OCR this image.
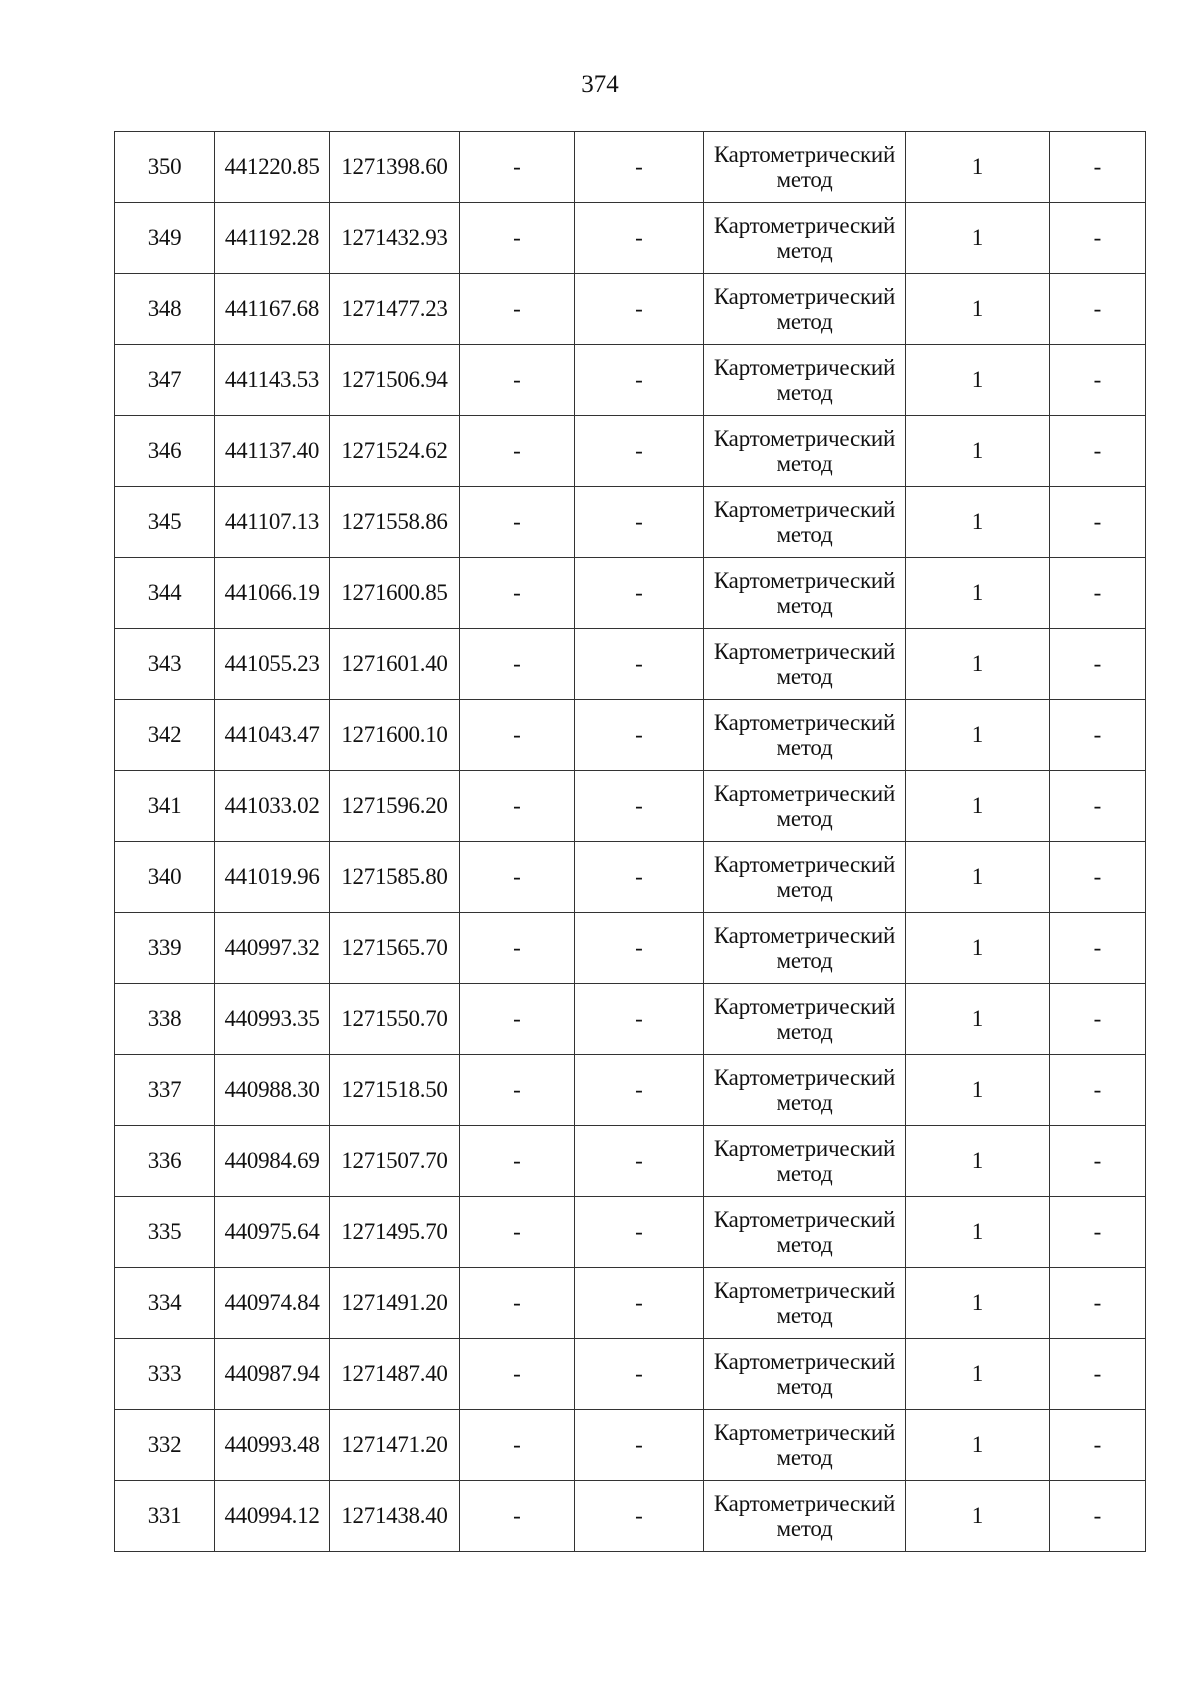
374
350	441220.85	1271398.60	-	-	Картометрический метод	1	-
349	441192.28	1271432.93	-	-	Картометрический метод	1	-
348	441167.68	1271477.23	-	-	Картометрический метод	1	-
347	441143.53	1271506.94	-	-	Картометрический метод	1	-
346	441137.40	1271524.62	-	-	Картометрический метод	1	-
345	441107.13	1271558.86	-	-	Картометрический метод	1	-
344	441066.19	1271600.85	-	-	Картометрический метод	1	-
343	441055.23	1271601.40	-	-	Картометрический метод	1	-
342	441043.47	1271600.10	-	-	Картометрический метод	1	-
341	441033.02	1271596.20	-	-	Картометрический метод	1	-
340	441019.96	1271585.80	-	-	Картометрический метод	1	-
339	440997.32	1271565.70	-	-	Картометрический метод	1	-
338	440993.35	1271550.70	-	-	Картометрический метод	1	-
337	440988.30	1271518.50	-	-	Картометрический метод	1	-
336	440984.69	1271507.70	-	-	Картометрический метод	1	-
335	440975.64	1271495.70	-	-	Картометрический метод	1	-
334	440974.84	1271491.20	-	-	Картометрический метод	1	-
333	440987.94	1271487.40	-	-	Картометрический метод	1	-
332	440993.48	1271471.20	-	-	Картометрический метод	1	-
331	440994.12	1271438.40	-	-	Картометрический метод	1	-
